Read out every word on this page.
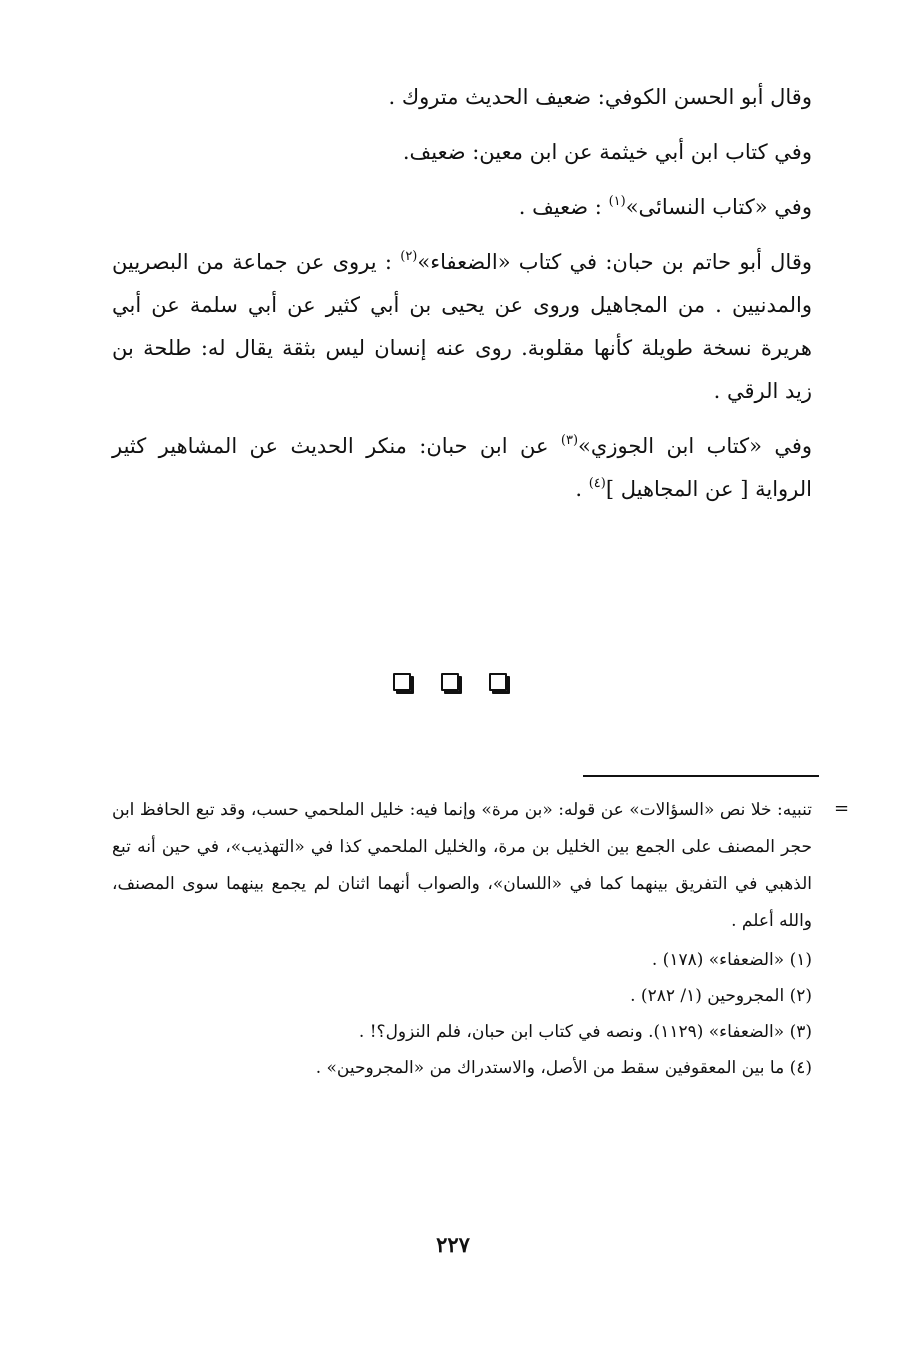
وقال أبو الحسن الكوفي: ضعيف الحديث متروك .

وفي كتاب ابن أبي خيثمة عن ابن معين: ضعيف.

وفي «كتاب النسائى»$^{(١)}$ : ضعيف .

وقال أبو حاتم بن حبان: في كتاب «الضعفاء»$^{(٢)}$ : يروى عن جماعة من البصريين والمدنيين . من المجاهيل وروى عن يحيى بن أبي كثير عن أبي سلمة عن أبي هريرة نسخة طويلة كأنها مقلوبة. روى عنه إنسان ليس بثقة يقال له: طلحة بن زيد الرقي .

وفي «كتاب ابن الجوزي»$^{(٣)}$ عن ابن حبان: منكر الحديث عن المشاهير كثير الرواية [ عن المجاهيل ]$^{(٤)}$ .

=

تنبيه: خلا نص «السؤالات» عن قوله: «بن مرة» وإنما فيه: خليل الملحمي حسب، وقد تبع الحافظ ابن حجر المصنف على الجمع بين الخليل بن مرة، والخليل الملحمي كذا في «التهذيب»، في حين أنه تبع الذهبي في التفريق بينهما كما في «اللسان»، والصواب أنهما اثنان لم يجمع بينهما سوى المصنف، والله أعلم .

(١) «الضعفاء» (١٧٨) .

(٢) المجروحين (١/ ٢٨٢) .

(٣) «الضعفاء» (١١٢٩). ونصه في كتاب ابن حبان، فلم النزول؟! .

(٤) ما بين المعقوفين سقط من الأصل، والاستدراك من «المجروحين» .

٢٢٧
